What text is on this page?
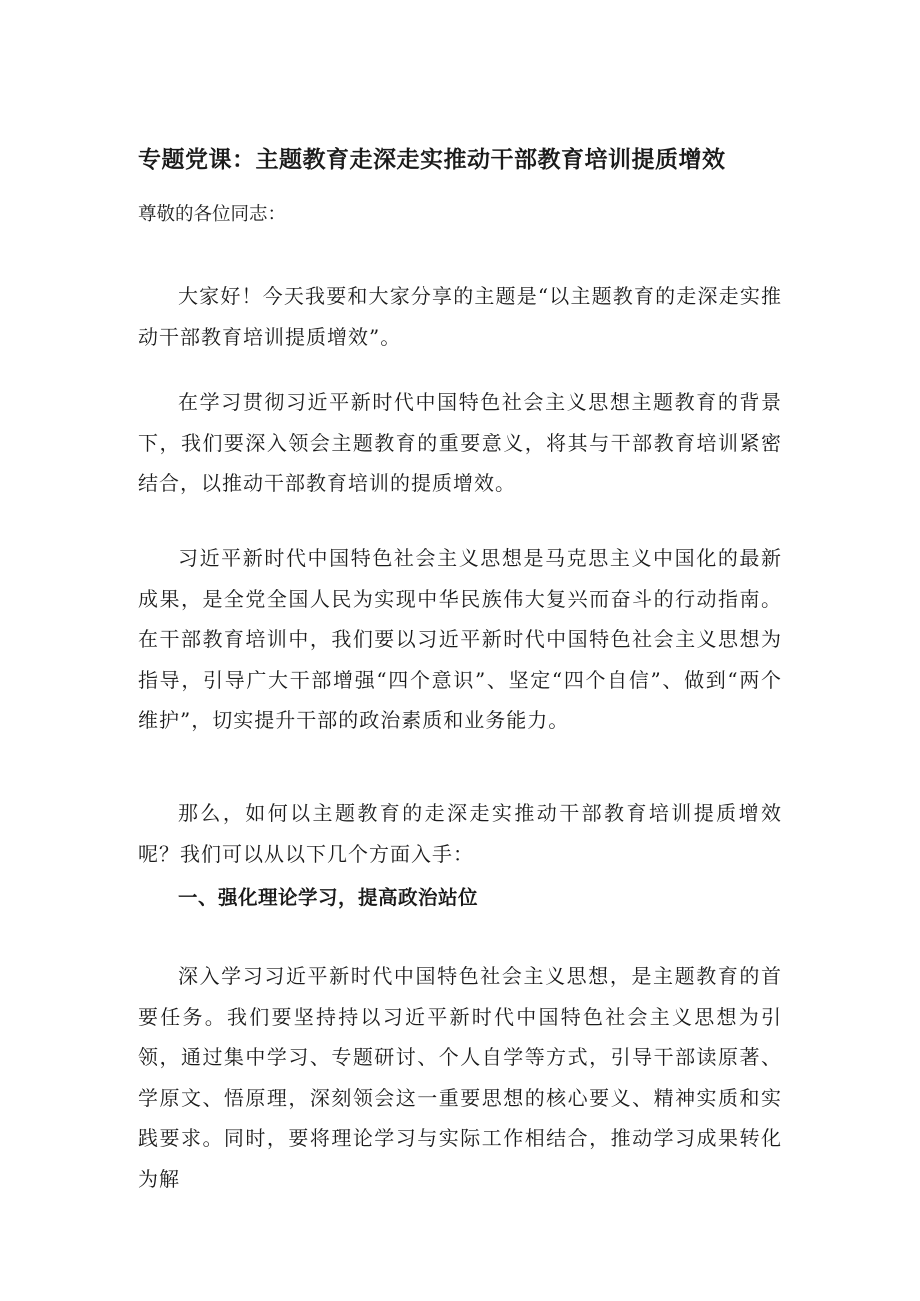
专题党课：主题教育走深走实推动干部教育培训提质增效
尊敬的各位同志：

大家好！今天我要和大家分享的主题是“以主题教育的走深走实推动干部教育培训提质增效”。

在学习贯彻习近平新时代中国特色社会主义思想主题教育的背景下，我们要深入领会主题教育的重要意义，将其与干部教育培训紧密结合，以推动干部教育培训的提质增效。

习近平新时代中国特色社会主义思想是马克思主义中国化的最新成果，是全党全国人民为实现中华民族伟大复兴而奋斗的行动指南。在干部教育培训中，我们要以习近平新时代中国特色社会主义思想为指导，引导广大干部增强“四个意识”、坚定“四个自信”、做到“两个维护”，切实提升干部的政治素质和业务能力。

那么，如何以主题教育的走深走实推动干部教育培训提质增效呢？我们可以从以下几个方面入手：

一、强化理论学习，提高政治站位

深入学习习近平新时代中国特色社会主义思想，是主题教育的首要任务。我们要坚持持以习近平新时代中国特色社会主义思想为引领，通过集中学习、专题研讨、个人自学等方式，引导干部读原著、学原文、悟原理，深刻领会这一重要思想的核心要义、精神实质和实践要求。同时，要将理论学习与实际工作相结合，推动学习成果转化为解
